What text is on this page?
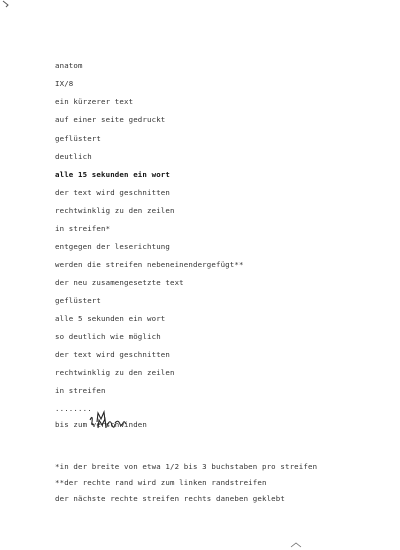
anatom
IX/8
ein kürzerer text
auf einer seite gedruckt
geflüstert
deutlich
alle 15 sekunden ein wort
der text wird geschnitten
rechtwinklig zu den zeilen
in streifen*
entgegen der leserichtung
werden die streifen nebeneinendergefügt**
der neu zusamengesetzte text
geflüstert
alle 5 sekunden ein wort
so deutlich wie möglich
der text wird geschnitten
rechtwinklig zu den zeilen
in streifen
........
bis zum verschwinden
*in der breite von etwa 1/2 bis 3 buchstaben pro streifen
**der rechte rand wird zum linken randstreifen
der nächste rechte streifen rechts daneben geklebt
